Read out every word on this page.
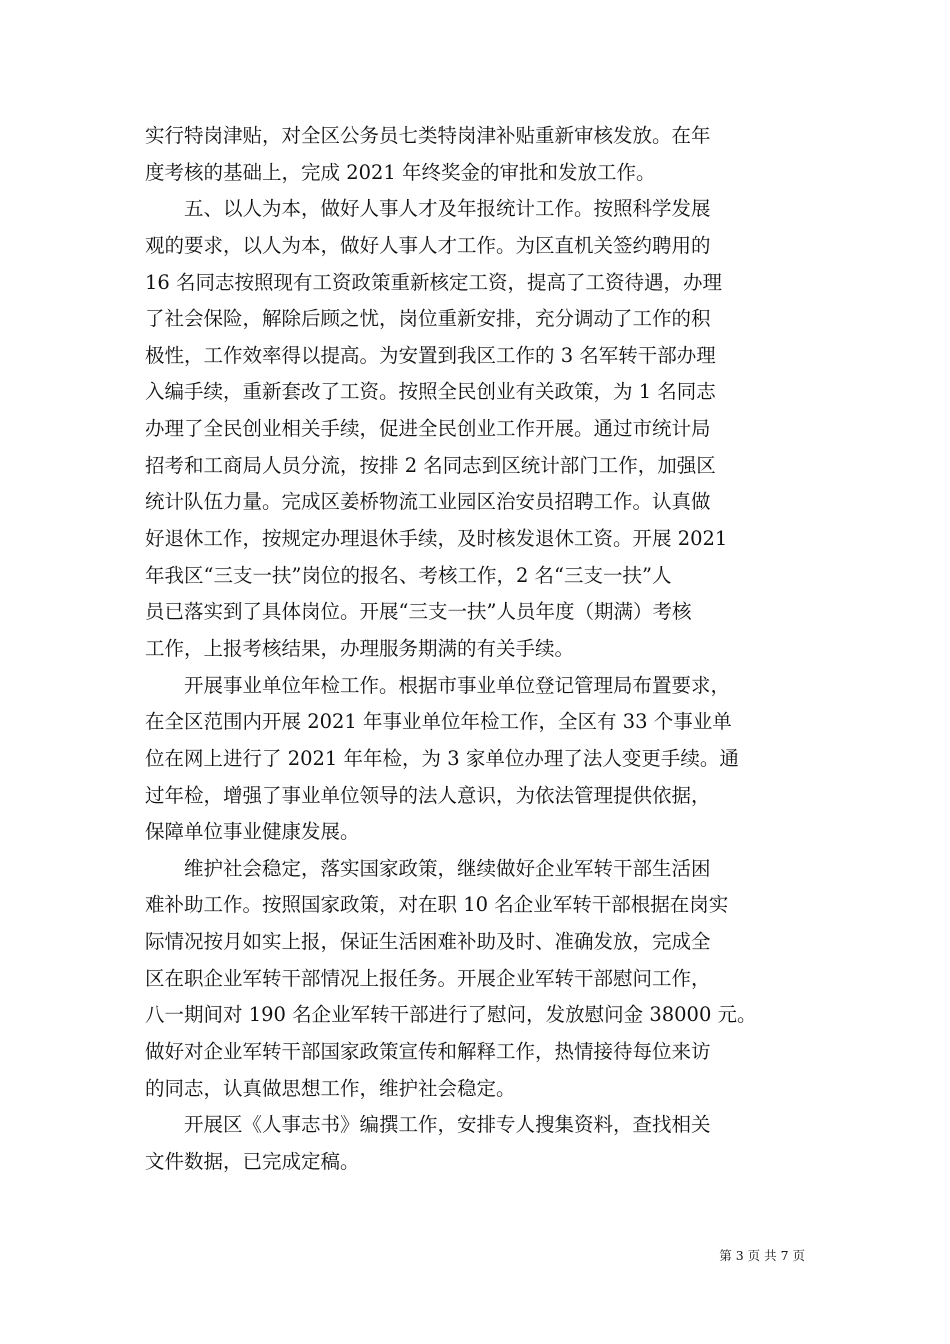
实行特岗津贴，对全区公务员七类特岗津补贴重新审核发放。在年
度考核的基础上，完成 2021 年终奖金的审批和发放工作。
五、以人为本，做好人事人才及年报统计工作。按照科学发展
观的要求，以人为本，做好人事人才工作。为区直机关签约聘用的
16 名同志按照现有工资政策重新核定工资，提高了工资待遇，办理
了社会保险，解除后顾之忧，岗位重新安排，充分调动了工作的积
极性，工作效率得以提高。为安置到我区工作的 3 名军转干部办理
入编手续，重新套改了工资。按照全民创业有关政策，为 1 名同志
办理了全民创业相关手续，促进全民创业工作开展。通过市统计局
招考和工商局人员分流，按排 2 名同志到区统计部门工作，加强区
统计队伍力量。完成区姜桥物流工业园区治安员招聘工作。认真做
好退休工作，按规定办理退休手续，及时核发退休工资。开展 2021
年我区“三支一扶”岗位的报名、考核工作，2 名“三支一扶”人
员已落实到了具体岗位。开展“三支一扶”人员年度（期满）考核
工作，上报考核结果，办理服务期满的有关手续。
开展事业单位年检工作。根据市事业单位登记管理局布置要求，
在全区范围内开展 2021 年事业单位年检工作，全区有 33 个事业单
位在网上进行了 2021 年年检，为 3 家单位办理了法人变更手续。通
过年检，增强了事业单位领导的法人意识，为依法管理提供依据，
保障单位事业健康发展。
维护社会稳定，落实国家政策，继续做好企业军转干部生活困
难补助工作。按照国家政策，对在职 10 名企业军转干部根据在岗实
际情况按月如实上报，保证生活困难补助及时、准确发放，完成全
区在职企业军转干部情况上报任务。开展企业军转干部慰问工作，
八一期间对 190 名企业军转干部进行了慰问，发放慰问金 38000 元。
做好对企业军转干部国家政策宣传和解释工作，热情接待每位来访
的同志，认真做思想工作，维护社会稳定。
开展区《人事志书》编撰工作，安排专人搜集资料，查找相关
文件数据，已完成定稿。
第 3 页 共 7 页
